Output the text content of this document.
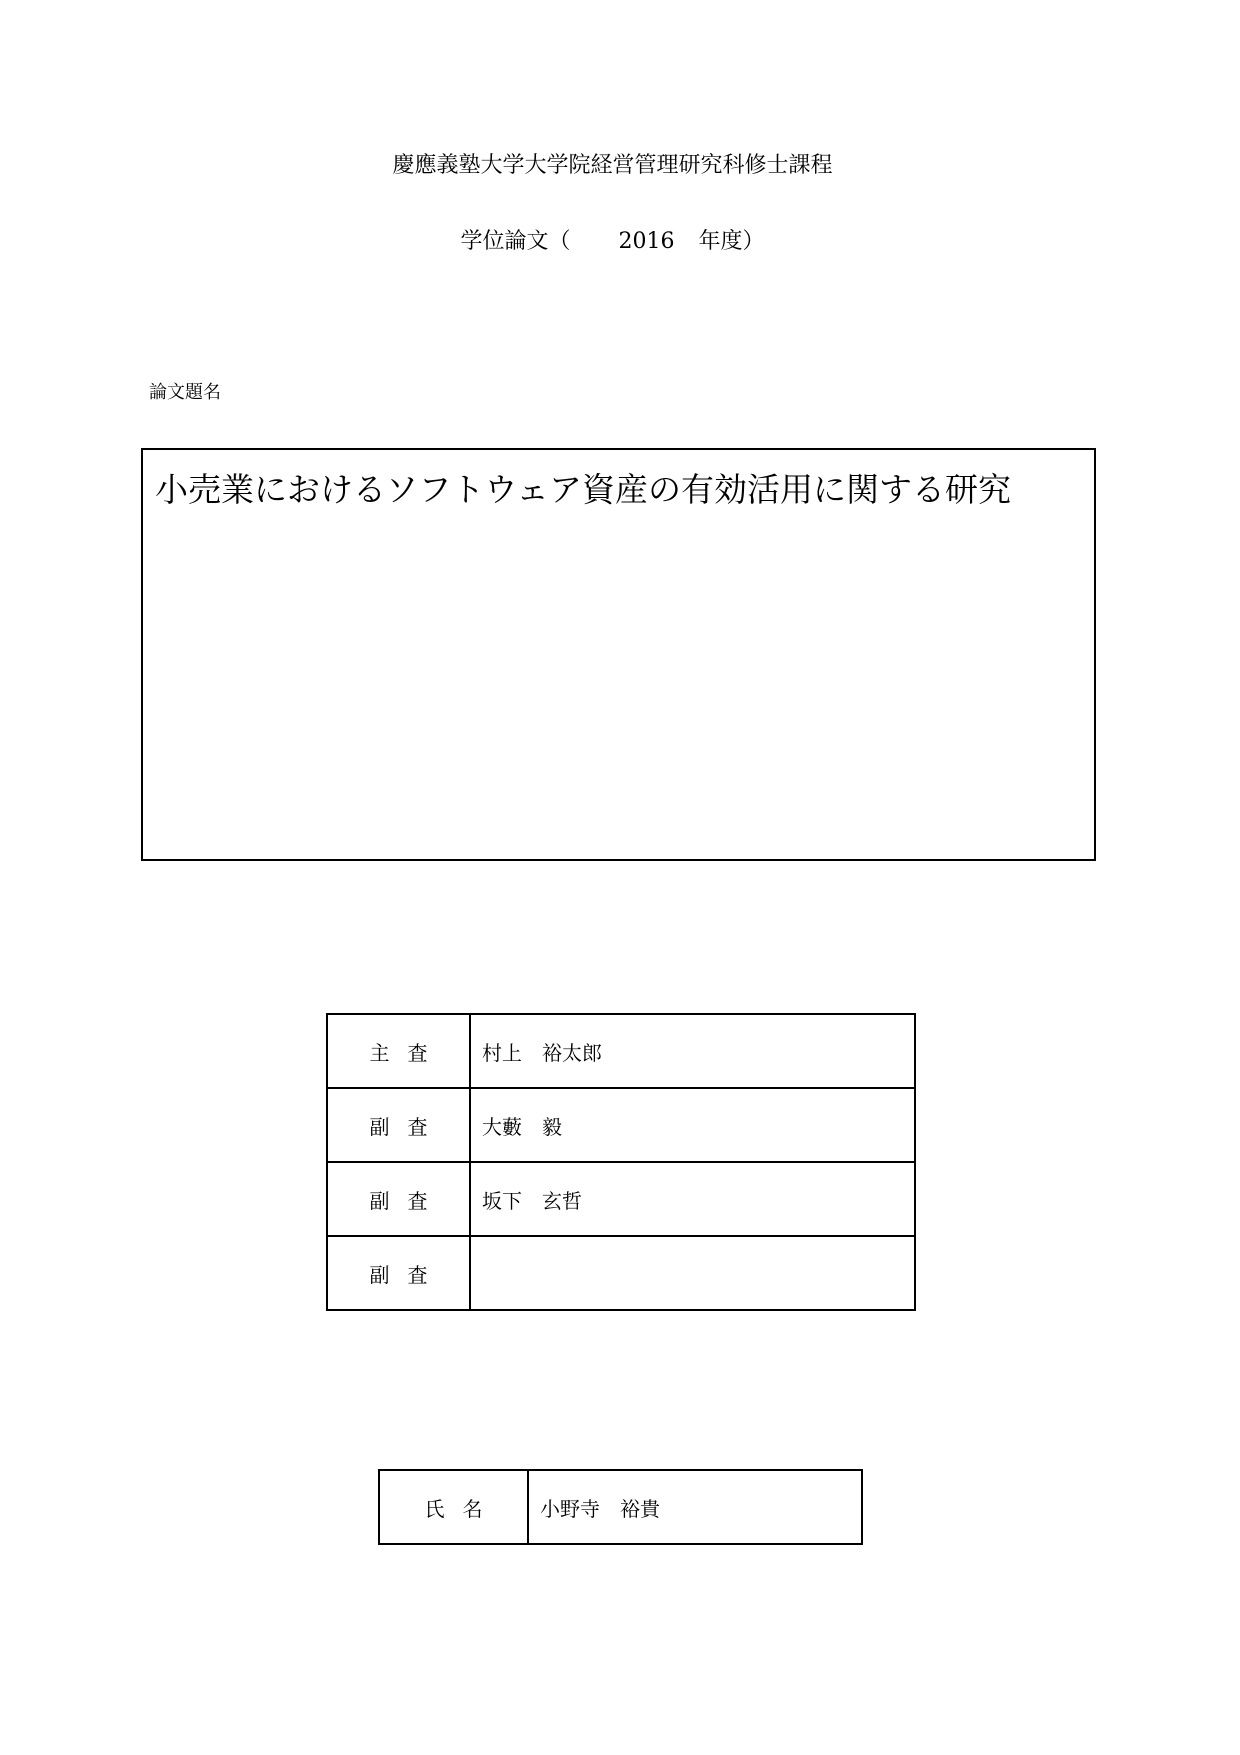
慶應義塾大学大学院経営管理研究科修士課程
学位論文（ 2016 年度）
論文題名
小売業におけるソフトウェア資産の有効活用に関する研究
主査	村上　裕太郎
副査	大藪　毅
副査	坂下　玄哲
副査	
氏名	小野寺　裕貴
